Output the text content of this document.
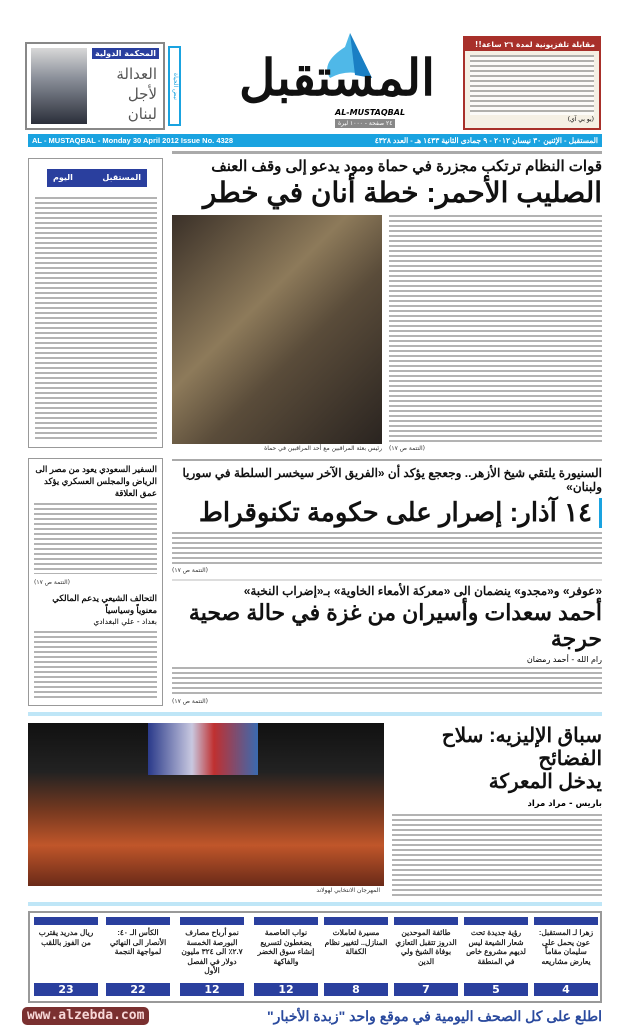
المحكمة الدولية
العدالة
لأجل
لبنان
نبض الحياة المستقبل
AL-MUSTAQBAL
٢٤ صفحة - ١٠٠٠ ليرة
مقابلة تلفزيونية لمدة ٢٦ ساعة!!
(يو بي آي)
المستقبل - الإثنين ٣٠ نيسان ٢٠١٢ - ٩ جمادى الثانية ١٤٣٣ هـ - العدد ٤٣٢٨
AL - MUSTAQBAL - Monday 30 April 2012 Issue No. 4328
المستقبل
اليوم
السفير السعودي يعود من مصر الى الرياض والمجلس العسكري يؤكد عمق العلاقة
(التتمة ص ١٧)
التحالف الشيعي يدعم المالكي معنوياً وسياسياً
بغداد - علي البغدادي
قوات النظام ترتكب مجزرة في حماة ومود يدعو إلى وقف العنف
الصليب الأحمر: خطة أنان في خطر
رئيس بعثة المراقبين مع أحد المراقبين في حماة (التتمة ص ١٧)
السنيورة يلتقي شيخ الأزهر.. وجعجع يؤكد أن «الفريق الآخر سيخسر السلطة في سوريا ولبنان»
١٤ آذار: إصرار على حكومة تكنوقراط
(التتمة ص ١٧)
«عوفر» و«مجدو» ينضمان الى «معركة الأمعاء الخاوية» بـ«إضراب النخبة»
أحمد سعدات وأسيران من غزة في حالة صحية حرجة
رام الله - أحمد رمضان
(التتمة ص ١٧)
المهرجان الانتخابي لهولاند
سباق الإليزيه: سلاح الفضائح
يدخل المعركة
باريس - مراد مراد
زهرا لـ المستقبل: عون يحمل على سليمان مقاماً يعارض مشاريعه
4
رؤية جديدة تحت شعار الشيعة ليس لديهم مشروع خاص في المنطقة
5
طائفة الموحدين الدروز تتقبل التعازي بوفاة الشيخ ولي الدين
7
مسيرة لعاملات المنازل.. لتغيير نظام الكفالة
8
نواب العاصمة يضغطون لتسريع إنشاء سوق الخضر والفاكهة
12
نمو أرباح مصارف البورصة الخمسة ٢.٧٪ الى ٣٢٤ مليون دولار في الفصل الأول
12
الكأس الـ ٤٠: الأنصار الى النهائي لمواجهة النجمة
22
ريال مدريد يقترب من الفوز باللقب
23
www.alzebda.com	اطلع على كل الصحف اليومية في موقع واحد "زبدة الأخبار"
